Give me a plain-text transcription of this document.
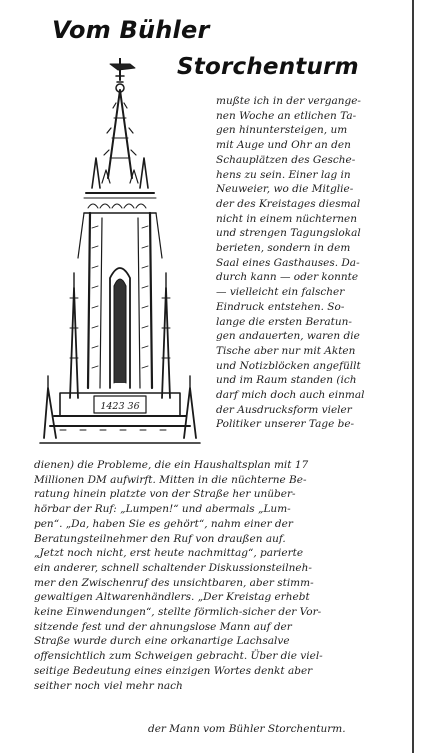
Vom Bühler
Storchenturm
1423 36
mußte ich in der vergange-
nen Woche an etlichen Ta-
gen hinuntersteigen, um
mit Auge und Ohr an den
Schauplätzen des Gesche-
hens zu sein. Einer lag in
Neuweier, wo die Mitglie-
der des Kreistages diesmal
nicht in einem nüchternen
und strengen Tagungslokal
berieten, sondern in dem
Saal eines Gasthauses. Da-
durch kann — oder konnte
— vielleicht ein falscher
Eindruck entstehen. So-
lange die ersten Beratun-
gen andauerten, waren die
Tische aber nur mit Akten
und Notizblöcken angefüllt
und im Raum standen (ich
darf mich doch auch einmal
der Ausdrucksform vieler
Politiker unserer Tage be-
dienen) die Probleme, die ein Haushaltsplan mit 17
Millionen DM aufwirft. Mitten in die nüchterne Be-
ratung hinein platzte von der Straße her unüber-
hörbar der Ruf: „Lumpen!“ und abermals „Lum-
pen“. „Da, haben Sie es gehört“, nahm einer der
Beratungsteilnehmer den Ruf von draußen auf.
„Jetzt noch nicht, erst heute nachmittag“, parierte
ein anderer, schnell schaltender Diskussionsteilneh-
mer den Zwischenruf des unsichtbaren, aber stimm-
gewaltigen Altwarenhändlers. „Der Kreistag erhebt
keine Einwendungen“, stellte förmlich-sicher der Vor-
sitzende fest und der ahnungslose Mann auf der
Straße wurde durch eine orkanartige Lachsalve
offensichtlich zum Schweigen gebracht. Über die viel-
seitige Bedeutung eines einzigen Wortes denkt aber
seither noch viel mehr nach
der Mann vom Bühler Storchenturm.
